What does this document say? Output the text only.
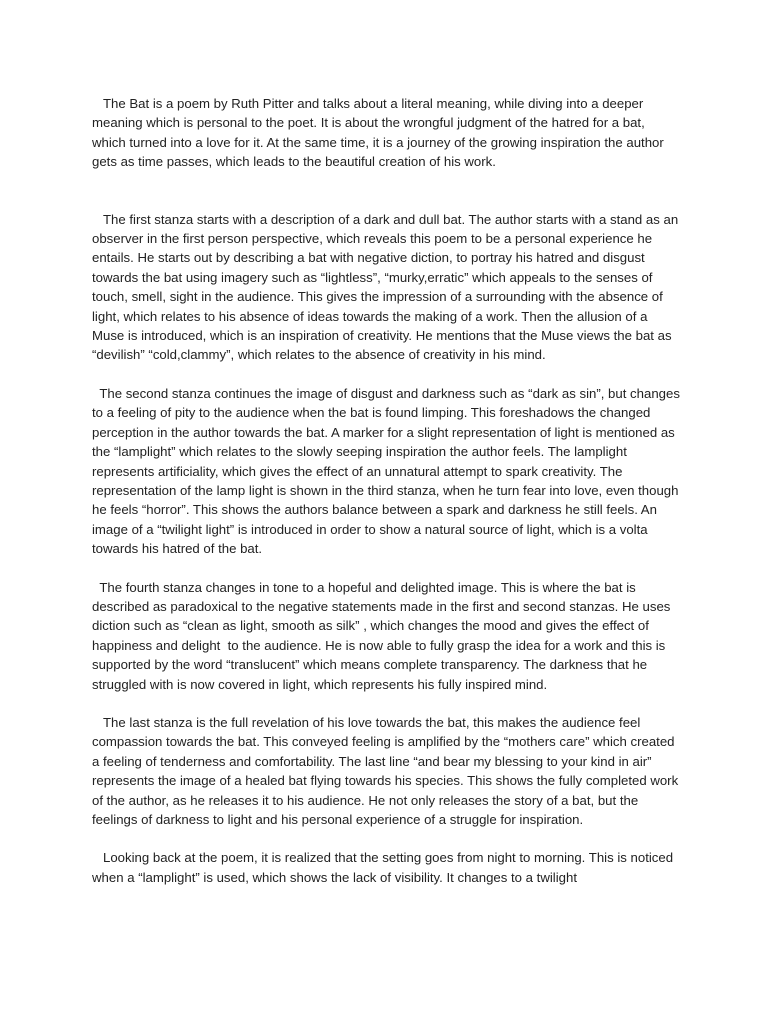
The Bat is a poem by Ruth Pitter and talks about a literal meaning, while diving into a deeper meaning which is personal to the poet. It is about the wrongful judgment of the hatred for a bat, which turned into a love for it. At the same time, it is a journey of the growing inspiration the author gets as time passes, which leads to the beautiful creation of his work.

The first stanza starts with a description of a dark and dull bat. The author starts with a stand as an observer in the first person perspective, which reveals this poem to be a personal experience he entails. He starts out by describing a bat with negative diction, to portray his hatred and disgust towards the bat using imagery such as “lightless”, “murky,erratic” which appeals to the senses of touch, smell, sight in the audience. This gives the impression of a surrounding with the absence of light, which relates to his absence of ideas towards the making of a work. Then the allusion of a Muse is introduced, which is an inspiration of creativity. He mentions that the Muse views the bat as “devilish” “cold,clammy”, which relates to the absence of creativity in his mind.

The second stanza continues the image of disgust and darkness such as “dark as sin”, but changes to a feeling of pity to the audience when the bat is found limping. This foreshadows the changed perception in the author towards the bat. A marker for a slight representation of light is mentioned as the “lamplight” which relates to the slowly seeping inspiration the author feels. The lamplight represents artificiality, which gives the effect of an unnatural attempt to spark creativity. The representation of the lamp light is shown in the third stanza, when he turn fear into love, even though he feels “horror”. This shows the authors balance between a spark and darkness he still feels. An image of a “twilight light” is introduced in order to show a natural source of light, which is a volta towards his hatred of the bat.

The fourth stanza changes in tone to a hopeful and delighted image. This is where the bat is described as paradoxical to the negative statements made in the first and second stanzas. He uses diction such as “clean as light, smooth as silk” , which changes the mood and gives the effect of happiness and delight  to the audience. He is now able to fully grasp the idea for a work and this is supported by the word “translucent” which means complete transparency. The darkness that he struggled with is now covered in light, which represents his fully inspired mind.

The last stanza is the full revelation of his love towards the bat, this makes the audience feel compassion towards the bat. This conveyed feeling is amplified by the “mothers care” which created a feeling of tenderness and comfortability. The last line “and bear my blessing to your kind in air” represents the image of a healed bat flying towards his species. This shows the fully completed work of the author, as he releases it to his audience. He not only releases the story of a bat, but the feelings of darkness to light and his personal experience of a struggle for inspiration.

Looking back at the poem, it is realized that the setting goes from night to morning. This is noticed when a “lamplight” is used, which shows the lack of visibility. It changes to a twilight
